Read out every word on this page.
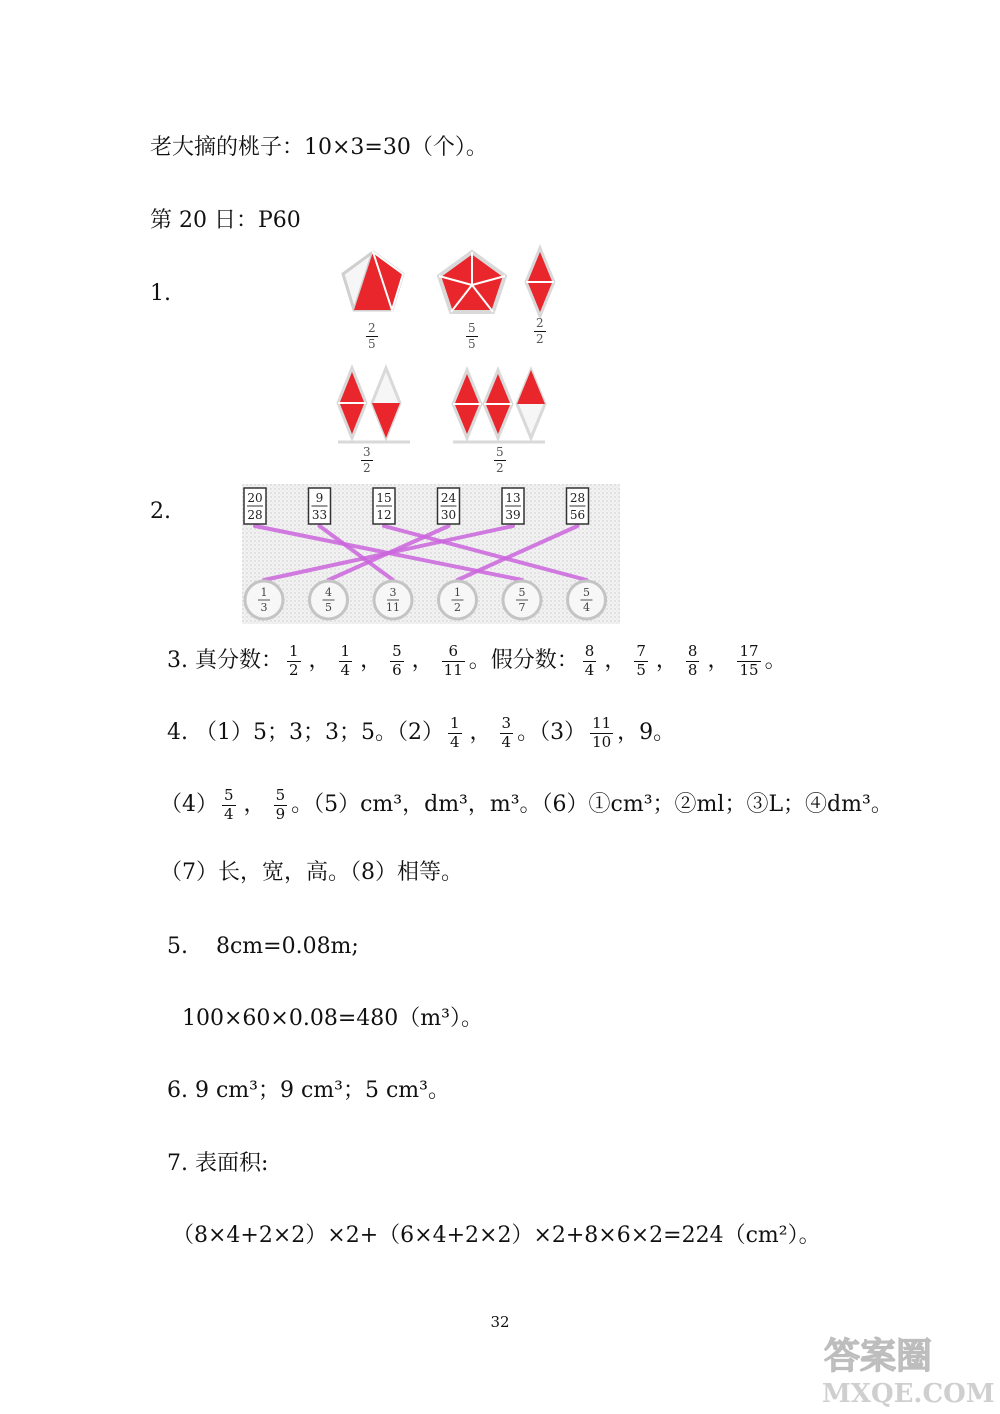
老大摘的桃子：10×3=30（个）。
第 20 日：P60
1.
2
5
5
5
2
2
3
2
5
2
2.
20
28
9
33
15
12
24
30
13
39
28
56
1
3
4
5
3
11
1
2
5
7
5
4
3. 真分数： $\frac{1}{2}$ ， $\frac{1}{4}$ ， $\frac{5}{6}$ ， $\frac{6}{11}$ 。假分数： $\frac{8}{4}$ ， $\frac{7}{5}$ ， $\frac{8}{8}$ ， $\frac{17}{15}$ 。
4. （1）5；3；3；5。$(2) \frac{1}{4}$ ， $\frac{3}{4}$ 。$(3) \frac{11}{10}$ ，9。
$(4) \frac{5}{4}$ ， $\frac{5}{9}$ 。（5）cm³，dm³，m³。（6）①cm³；②ml；③L；④dm³。
（7）长，宽，高。（8）相等。
5.    8cm=0.08m;
100×60×0.08=480（m³）。
6. 9 cm³；9 cm³；5 cm³。
7. 表面积:
（8×4+2×2）×2+（6×4+2×2）×2+8×6×2=224（cm²）。
32
答案圈
MXQE.COM
